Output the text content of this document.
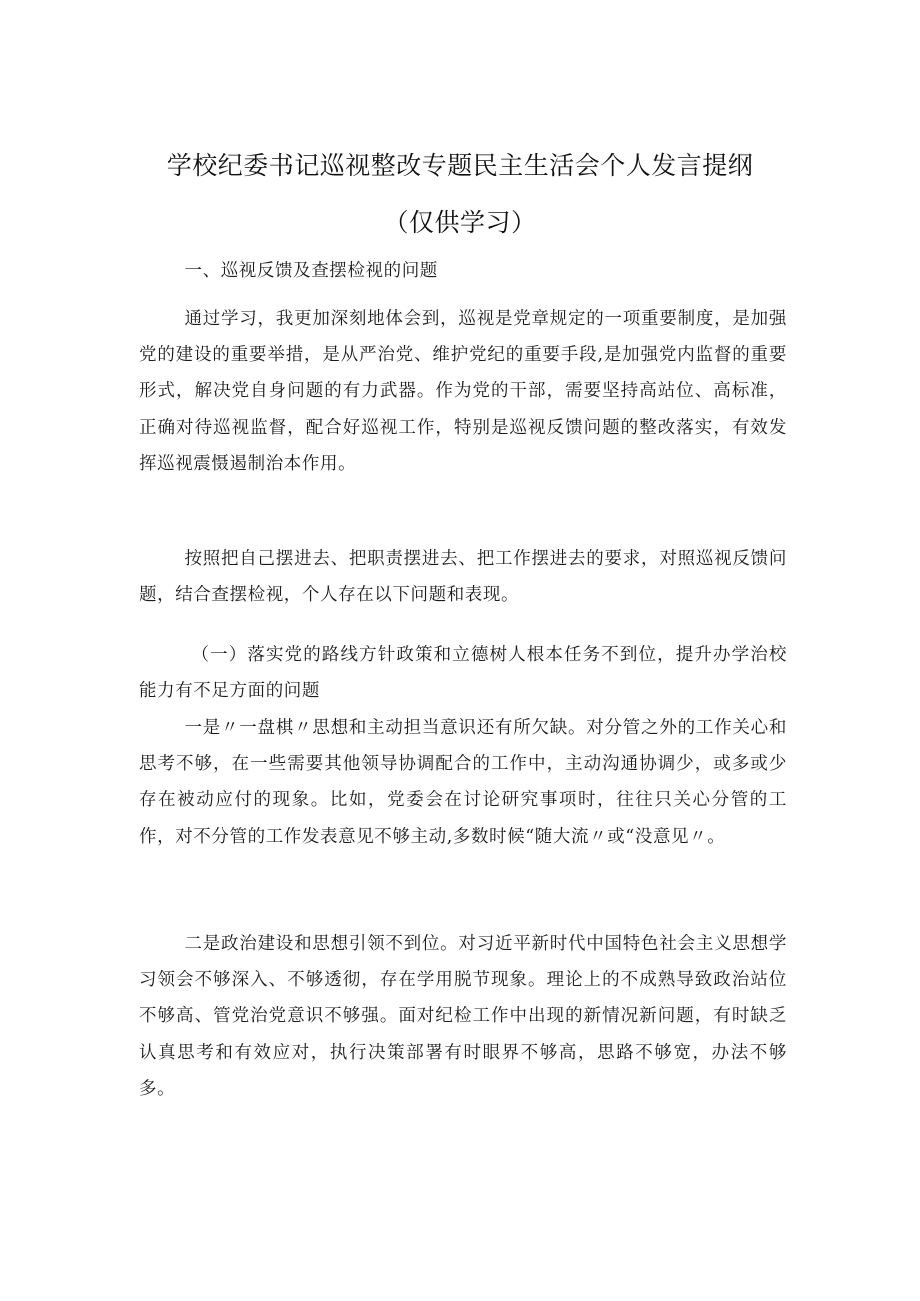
学校纪委书记巡视整改专题民主生活会个人发言提纲
（仅供学习）

一、巡视反馈及查摆检视的问题

通过学习，我更加深刻地体会到，巡视是党章规定的一项重要制度，是加强党的建设的重要举措，是从严治党、维护党纪的重要手段,是加强党内监督的重要形式，解决党自身问题的有力武器。作为党的干部，需要坚持高站位、高标准，正确对待巡视监督，配合好巡视工作，特别是巡视反馈问题的整改落实，有效发挥巡视震慑遏制治本作用。

按照把自己摆进去、把职责摆进去、把工作摆进去的要求，对照巡视反馈问题，结合查摆检视，个人存在以下问题和表现。

（一）落实党的路线方针政策和立德树人根本任务不到位，提升办学治校能力有不足方面的问题

一是〃一盘棋〃思想和主动担当意识还有所欠缺。对分管之外的工作关心和思考不够，在一些需要其他领导协调配合的工作中，主动沟通协调少，或多或少存在被动应付的现象。比如，党委会在讨论研究事项时，往往只关心分管的工作，对不分管的工作发表意见不够主动,多数时候“随大流〃或“没意见〃。

二是政治建设和思想引领不到位。对习近平新时代中国特色社会主义思想学习领会不够深入、不够透彻，存在学用脱节现象。理论上的不成熟导致政治站位不够高、管党治党意识不够强。面对纪检工作中出现的新情况新问题，有时缺乏认真思考和有效应对，执行决策部署有时眼界不够高，思路不够宽，办法不够多。
